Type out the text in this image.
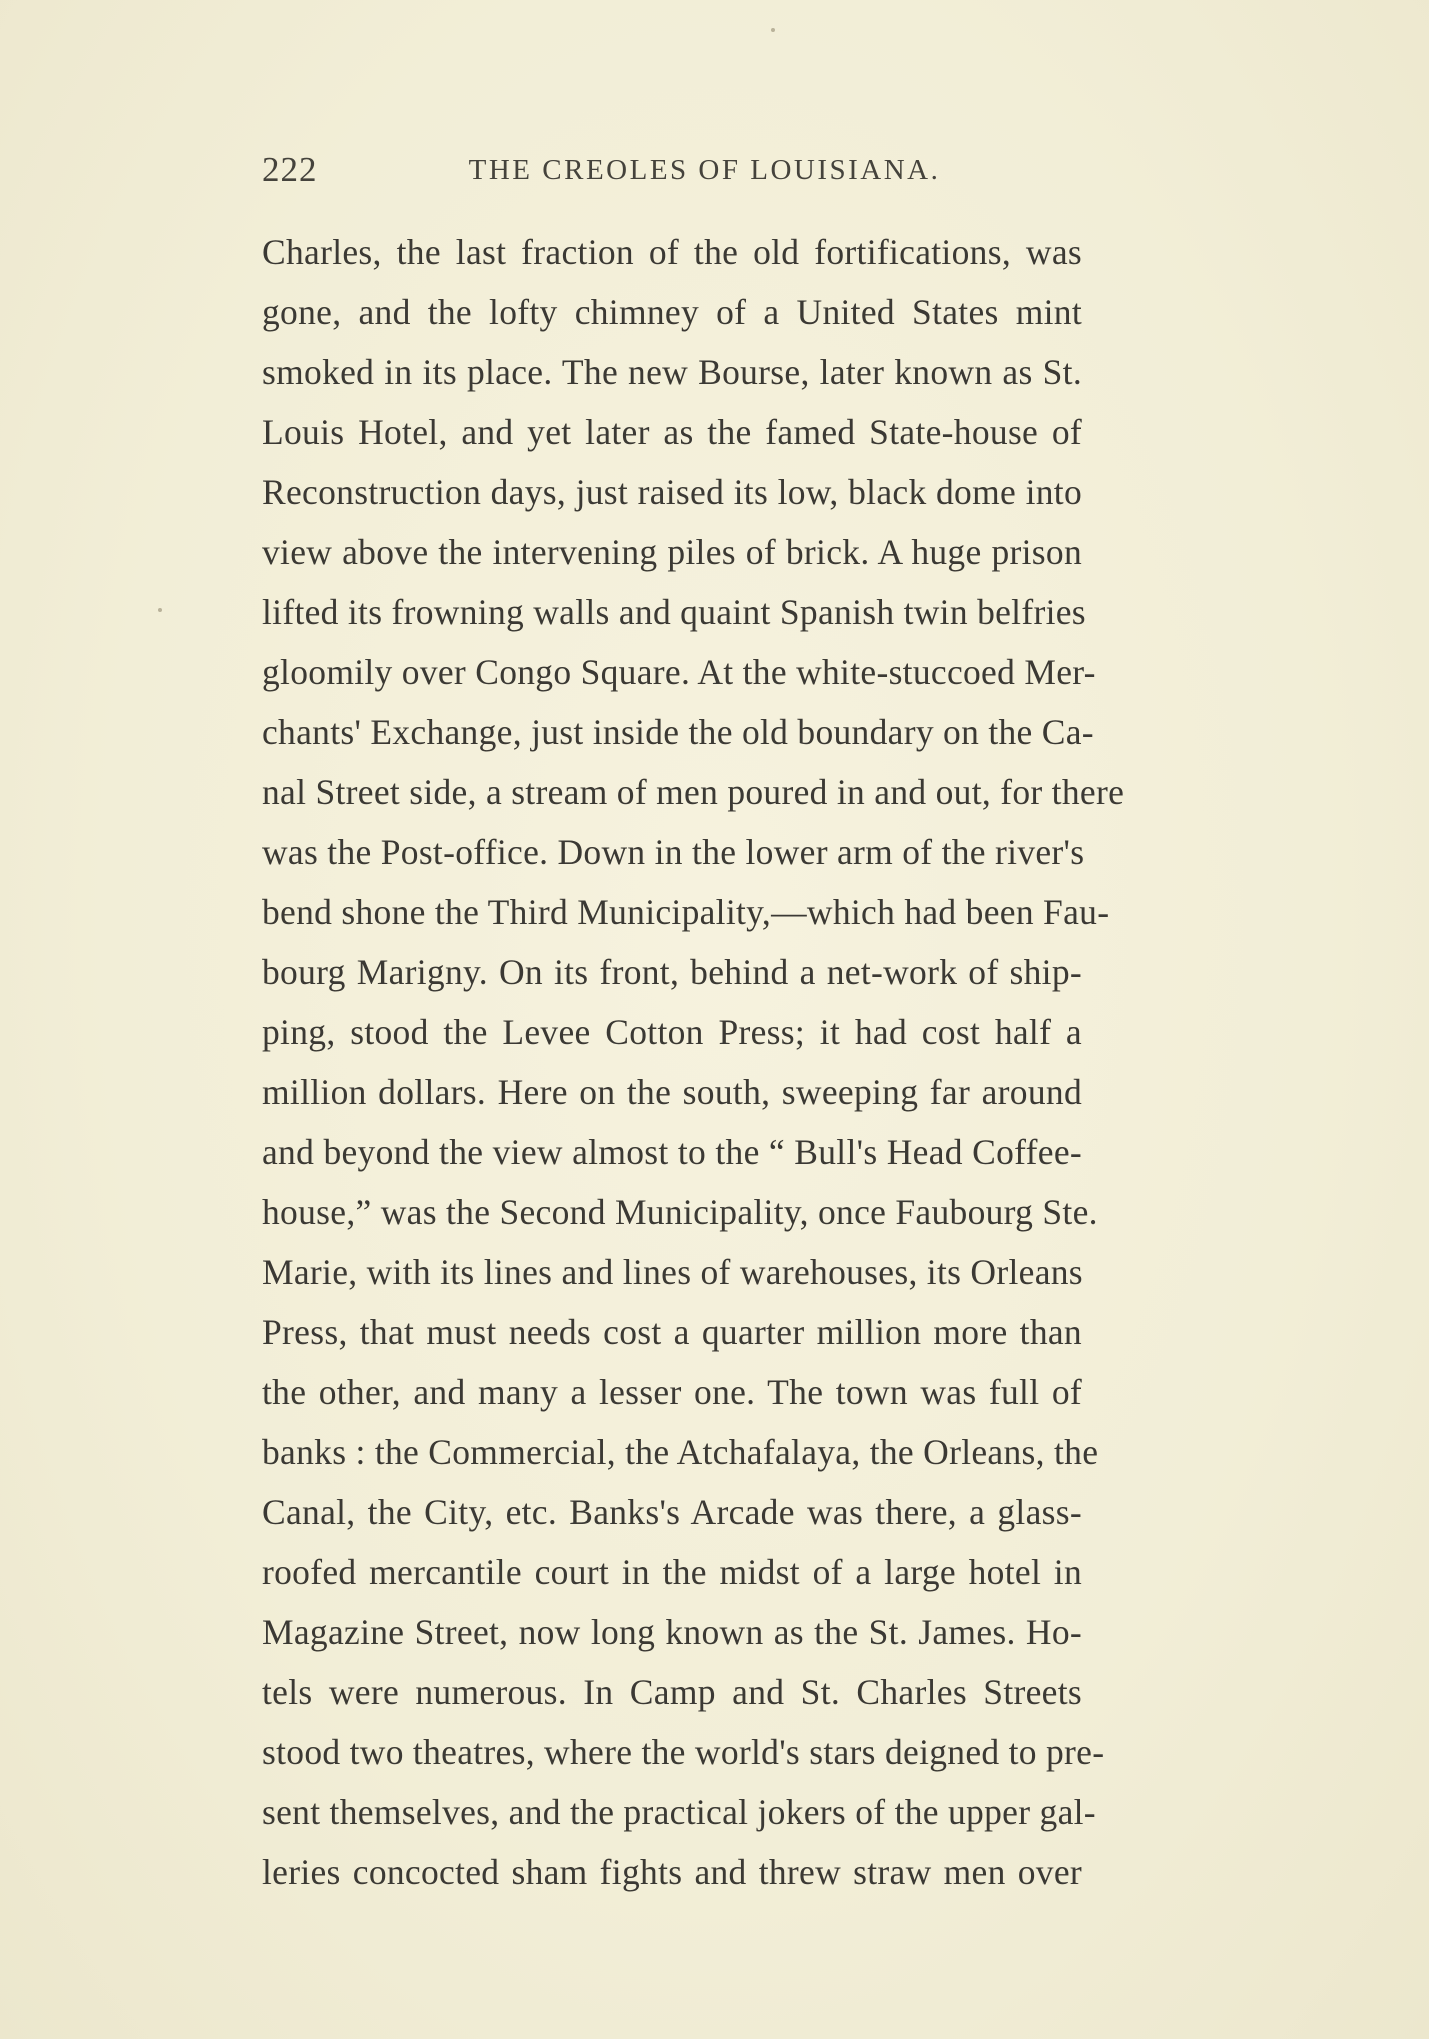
222	THE CREOLES OF LOUISIANA.
Charles, the last fraction of the old fortifications, was
gone, and the lofty chimney of a United States mint
smoked in its place. The new Bourse, later known as St.
Louis Hotel, and yet later as the famed State-house of
Reconstruction days, just raised its low, black dome into
view above the intervening piles of brick. A huge prison
lifted its frowning walls and quaint Spanish twin belfries
gloomily over Congo Square. At the white-stuccoed Mer-
chants' Exchange, just inside the old boundary on the Ca-
nal Street side, a stream of men poured in and out, for there
was the Post-office. Down in the lower arm of the river's
bend shone the Third Municipality,—which had been Fau-
bourg Marigny. On its front, behind a net-work of ship-
ping, stood the Levee Cotton Press; it had cost half a
million dollars. Here on the south, sweeping far around
and beyond the view almost to the “ Bull's Head Coffee-
house,” was the Second Municipality, once Faubourg Ste.
Marie, with its lines and lines of warehouses, its Orleans
Press, that must needs cost a quarter million more than
the other, and many a lesser one. The town was full of
banks : the Commercial, the Atchafalaya, the Orleans, the
Canal, the City, etc. Banks's Arcade was there, a glass-
roofed mercantile court in the midst of a large hotel in
Magazine Street, now long known as the St. James. Ho-
tels were numerous. In Camp and St. Charles Streets
stood two theatres, where the world's stars deigned to pre-
sent themselves, and the practical jokers of the upper gal-
leries concocted sham fights and threw straw men over
